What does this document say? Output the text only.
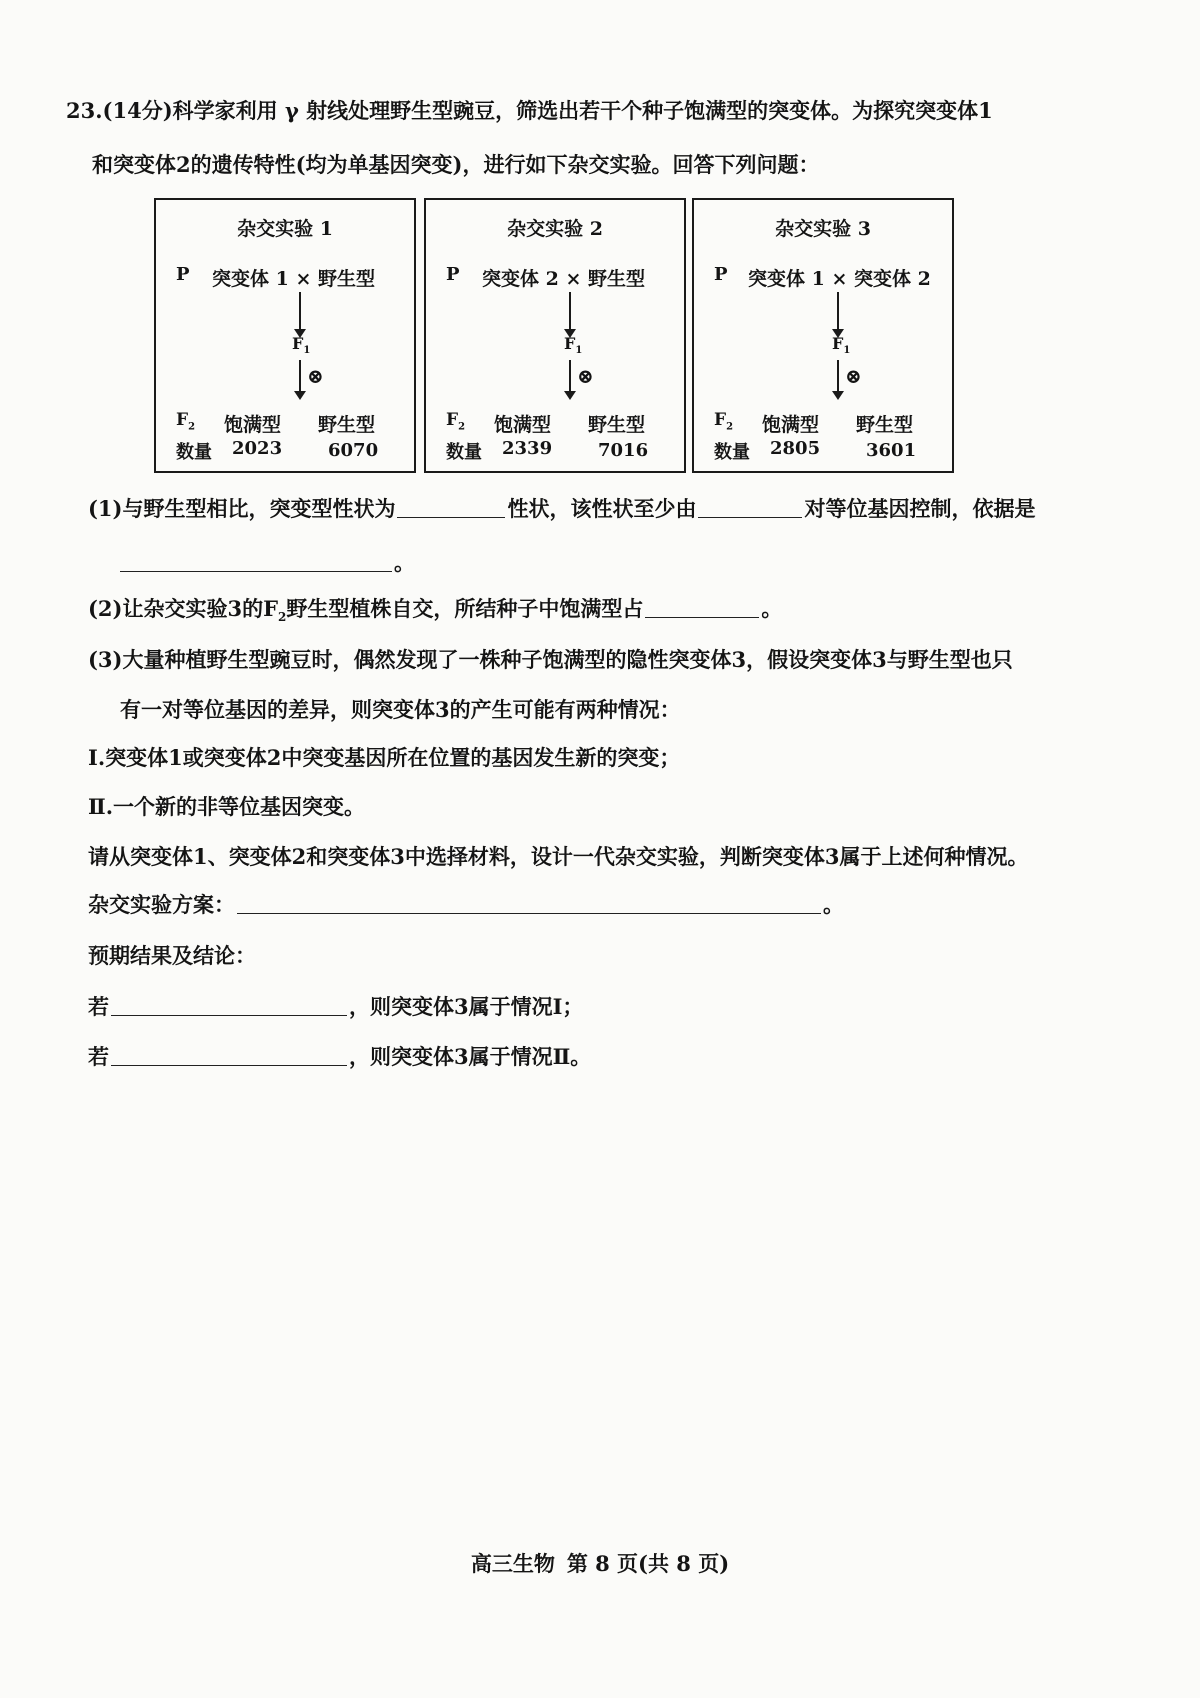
23.(14分)科学家利用 γ 射线处理野生型豌豆，筛选出若干个种子饱满型的突变体。为探究突变体1
和突变体2的遗传特性(均为单基因突变)，进行如下杂交实验。回答下列问题：
杂交实验 1
P 突变体 1 × 野生型
$F_1$
⊗
$F_2$
数量
饱满型 野生型
2023	6070
杂交实验 2
P 突变体 2 × 野生型
$F_1$
⊗
$F_2$
数量
饱满型 野生型
2339	7016
杂交实验 3
P 突变体 1 × 突变体 2
$F_1$
⊗
$F_2$
数量
饱满型 野生型
2805	3601
(1)与野生型相比，突变型性状为	性状，该性状至少由	对等位基因控制，依据是
。
(2)让杂交实验3的$F_2$野生型植株自交，所结种子中饱满型占	。
(3)大量种植野生型豌豆时，偶然发现了一株种子饱满型的隐性突变体3，假设突变体3与野生型也只
有一对等位基因的差异，则突变体3的产生可能有两种情况：
Ⅰ.突变体1或突变体2中突变基因所在位置的基因发生新的突变；
Ⅱ.一个新的非等位基因突变。
请从突变体1、突变体2和突变体3中选择材料，设计一代杂交实验，判断突变体3属于上述何种情况。
杂交实验方案：	。
预期结果及结论：
若	，则突变体3属于情况Ⅰ；
若	，则突变体3属于情况Ⅱ。
高三生物 第 8 页(共 8 页)
